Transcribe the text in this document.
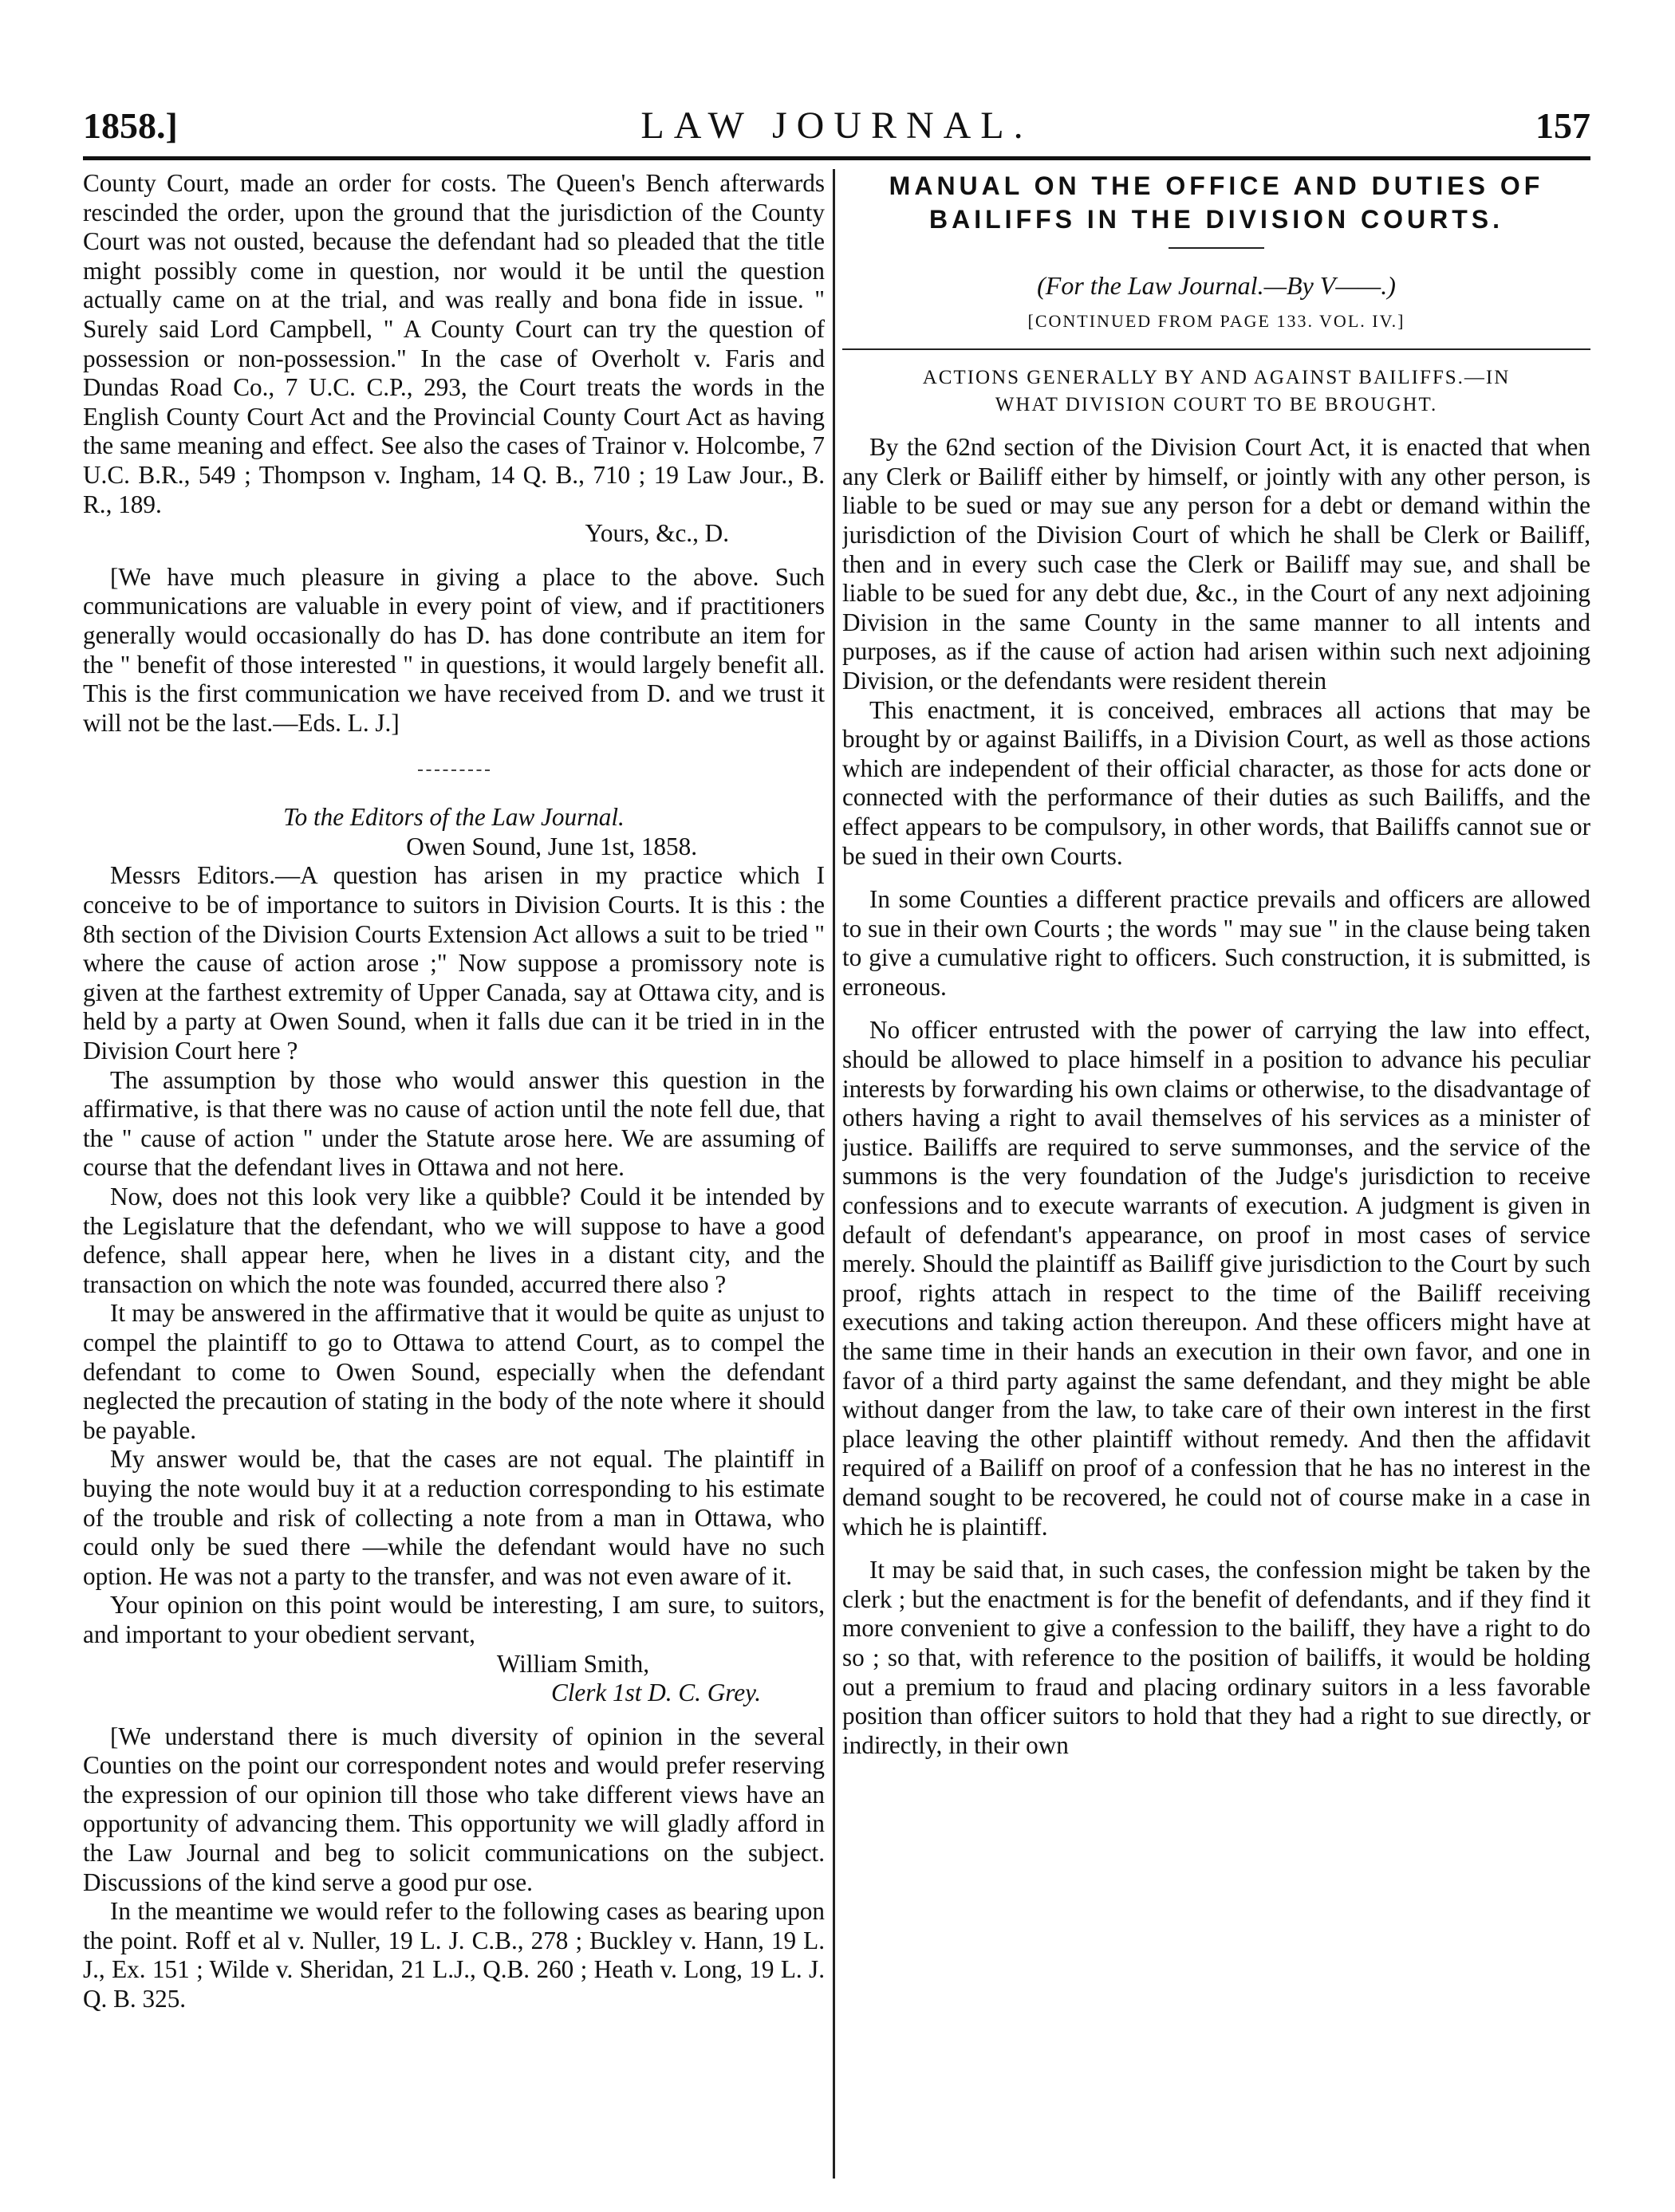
1858.]	LAW JOURNAL.	157

County Court, made an order for costs. The Queen's Bench afterwards rescinded the order, upon the ground that the jurisdiction of the County Court was not ousted, because the defendant had so pleaded that the title might possibly come in question, nor would it be until the question actually came on at the trial, and was really and bona fide in issue. " Surely said Lord Campbell, " A County Court can try the question of possession or non-possession." In the case of Overholt v. Faris and Dundas Road Co., 7 U.C. C.P., 293, the Court treats the words in the English County Court Act and the Provincial County Court Act as having the same meaning and effect. See also the cases of Trainor v. Holcombe, 7 U.C. B.R., 549 ; Thompson v. Ingham, 14 Q. B., 710 ; 19 Law Jour., B. R., 189.

Yours, &c., D.

[We have much pleasure in giving a place to the above. Such communications are valuable in every point of view, and if practitioners generally would occasionally do has D. has done contribute an item for the " benefit of those interested " in questions, it would largely benefit all. This is the first communication we have received from D. and we trust it will not be the last.—Eds. L. J.]

To the Editors of the Law Journal.

Owen Sound, June 1st, 1858.

Messrs Editors.—A question has arisen in my practice which I conceive to be of importance to suitors in Division Courts. It is this : the 8th section of the Division Courts Extension Act allows a suit to be tried " where the cause of action arose ;" Now suppose a promissory note is given at the farthest extremity of Upper Canada, say at Ottawa city, and is held by a party at Owen Sound, when it falls due can it be tried in in the Division Court here ?

The assumption by those who would answer this question in the affirmative, is that there was no cause of action until the note fell due, that the " cause of action " under the Statute arose here. We are assuming of course that the defendant lives in Ottawa and not here.

Now, does not this look very like a quibble? Could it be intended by the Legislature that the defendant, who we will suppose to have a good defence, shall appear here, when he lives in a distant city, and the transaction on which the note was founded, accurred there also ?

It may be answered in the affirmative that it would be quite as unjust to compel the plaintiff to go to Ottawa to attend Court, as to compel the defendant to come to Owen Sound, especially when the defendant neglected the precaution of stating in the body of the note where it should be payable.

My answer would be, that the cases are not equal. The plaintiff in buying the note would buy it at a reduction corresponding to his estimate of the trouble and risk of collecting a note from a man in Ottawa, who could only be sued there —while the defendant would have no such option. He was not a party to the transfer, and was not even aware of it.

Your opinion on this point would be interesting, I am sure, to suitors, and important to your obedient servant,

William Smith,

Clerk 1st D. C. Grey.

[We understand there is much diversity of opinion in the several Counties on the point our correspondent notes and would prefer reserving the expression of our opinion till those who take different views have an opportunity of advancing them. This opportunity we will gladly afford in the Law Journal and beg to solicit communications on the subject. Discussions of the kind serve a good pur ose.

In the meantime we would refer to the following cases as bearing upon the point. Roff et al v. Nuller, 19 L. J. C.B., 278 ; Buckley v. Hann, 19 L. J., Ex. 151 ; Wilde v. Sheridan, 21 L.J., Q.B. 260 ; Heath v. Long, 19 L. J. Q. B. 325.

MANUAL ON THE OFFICE AND DUTIES OF
BAILIFFS IN THE DIVISION COURTS.

(For the Law Journal.—By V——.)

[CONTINUED FROM PAGE 133. VOL. IV.]

ACTIONS GENERALLY BY AND AGAINST BAILIFFS.—IN

WHAT DIVISION COURT TO BE BROUGHT.

By the 62nd section of the Division Court Act, it is enacted that when any Clerk or Bailiff either by himself, or jointly with any other person, is liable to be sued or may sue any person for a debt or demand within the jurisdiction of the Division Court of which he shall be Clerk or Bailiff, then and in every such case the Clerk or Bailiff may sue, and shall be liable to be sued for any debt due, &c., in the Court of any next adjoining Division in the same County in the same manner to all intents and purposes, as if the cause of action had arisen within such next adjoining Division, or the defendants were resident therein

This enactment, it is conceived, embraces all actions that may be brought by or against Bailiffs, in a Division Court, as well as those actions which are independent of their official character, as those for acts done or connected with the performance of their duties as such Bailiffs, and the effect appears to be compulsory, in other words, that Bailiffs cannot sue or be sued in their own Courts.

In some Counties a different practice prevails and officers are allowed to sue in their own Courts ; the words " may sue " in the clause being taken to give a cumulative right to officers. Such construction, it is submitted, is erroneous.

No officer entrusted with the power of carrying the law into effect, should be allowed to place himself in a position to advance his peculiar interests by forwarding his own claims or otherwise, to the disadvantage of others having a right to avail themselves of his services as a minister of justice. Bailiffs are required to serve summonses, and the service of the summons is the very foundation of the Judge's jurisdiction to receive confessions and to execute warrants of execution. A judgment is given in default of defendant's appearance, on proof in most cases of service merely. Should the plaintiff as Bailiff give jurisdiction to the Court by such proof, rights attach in respect to the time of the Bailiff receiving executions and taking action thereupon. And these officers might have at the same time in their hands an execution in their own favor, and one in favor of a third party against the same defendant, and they might be able without danger from the law, to take care of their own interest in the first place leaving the other plaintiff without remedy. And then the affidavit required of a Bailiff on proof of a confession that he has no interest in the demand sought to be recovered, he could not of course make in a case in which he is plaintiff.

It may be said that, in such cases, the confession might be taken by the clerk ; but the enactment is for the benefit of defendants, and if they find it more convenient to give a confession to the bailiff, they have a right to do so ; so that, with reference to the position of bailiffs, it would be holding out a premium to fraud and placing ordinary suitors in a less favorable position than officer suitors to hold that they had a right to sue directly, or indirectly, in their own
